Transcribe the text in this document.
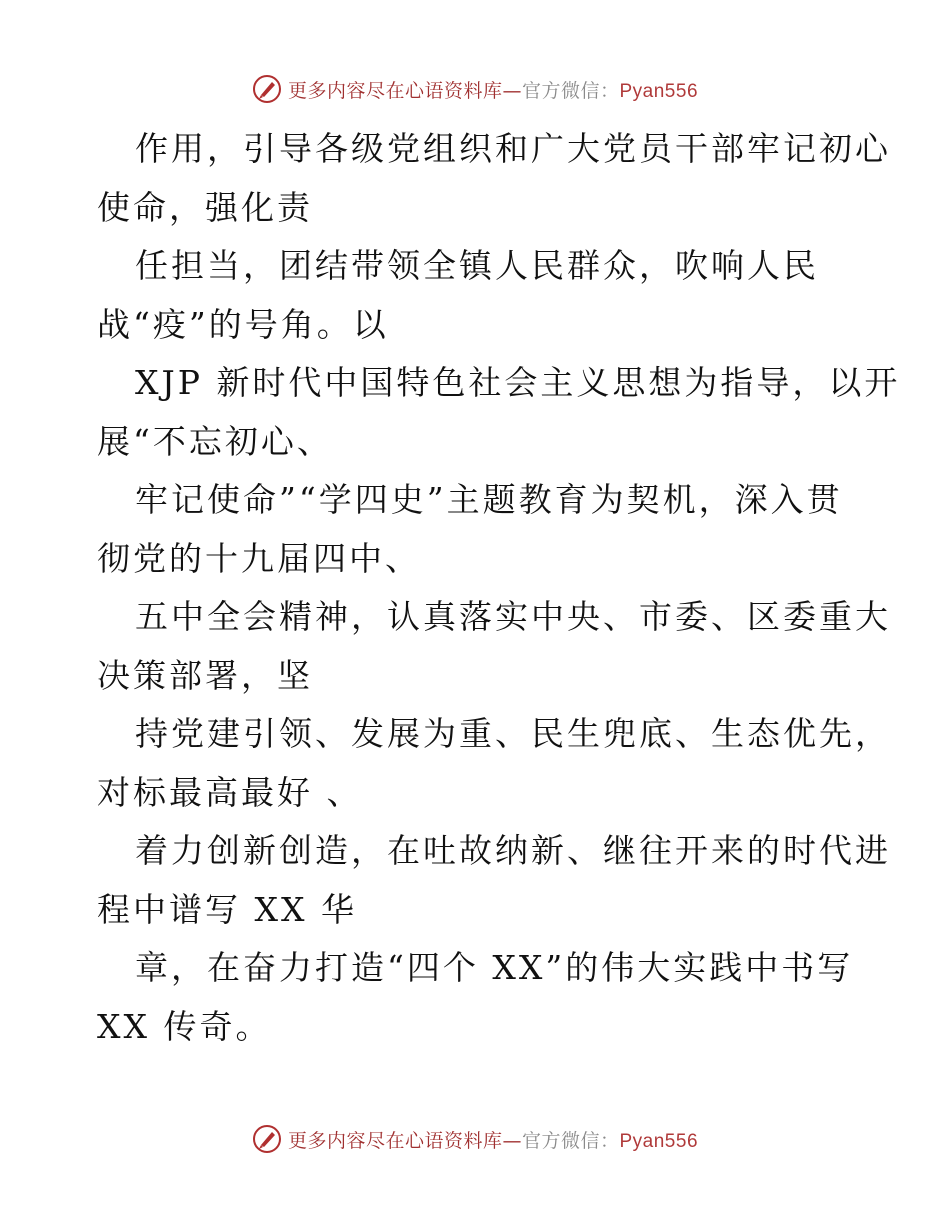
更多内容尽在心语资料库—官方微信：Pyan556
作用，引导各级党组织和广大党员干部牢记初心
使命，强化责
任担当，团结带领全镇人民群众，吹响人民
战“疫”的号角。以
XJP 新时代中国特色社会主义思想为指导，以开
展“不忘初心、
牢记使命”“学四史”主题教育为契机，深入贯
彻党的十九届四中、
五中全会精神，认真落实中央、市委、区委重大
决策部署，坚
持党建引领、发展为重、民生兜底、生态优先，
对标最高最好 、
着力创新创造，在吐故纳新、继往开来的时代进
程中谱写 XX 华
章，在奋力打造“四个 XX”的伟大实践中书写
XX 传奇。
更多内容尽在心语资料库—官方微信：Pyan556
